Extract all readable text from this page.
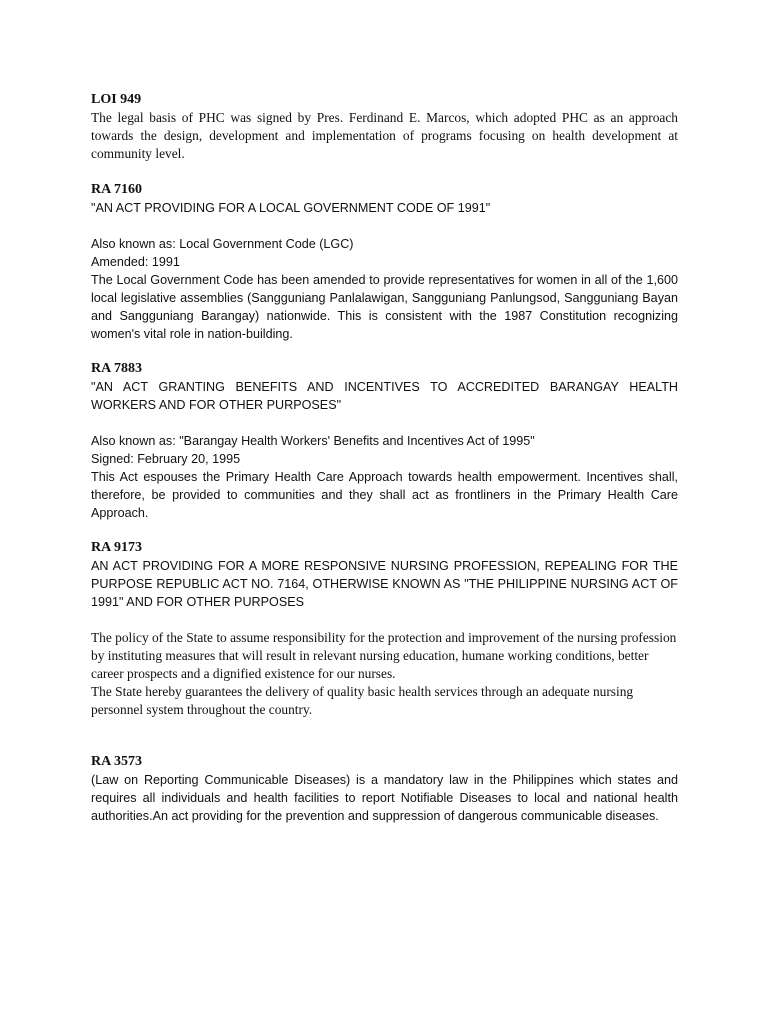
LOI 949

The legal basis of PHC was signed by Pres. Ferdinand E. Marcos, which adopted PHC as an approach towards the design, development and implementation of programs focusing on health development at community level.

RA 7160

"AN ACT PROVIDING FOR A LOCAL GOVERNMENT CODE OF 1991"

Also known as: Local Government Code (LGC)

Amended: 1991

The Local Government Code has been amended to provide representatives for women in all of the 1,600 local legislative assemblies (Sangguniang Panlalawigan, Sangguniang Panlungsod, Sangguniang Bayan and Sangguniang Barangay) nationwide. This is consistent with the 1987 Constitution recognizing women's vital role in nation-building.

RA 7883

"AN ACT GRANTING BENEFITS AND INCENTIVES TO ACCREDITED BARANGAY HEALTH WORKERS AND FOR OTHER PURPOSES"

Also known as: "Barangay Health Workers' Benefits and Incentives Act of 1995"

Signed: February 20, 1995

This Act espouses the Primary Health Care Approach towards health empowerment. Incentives shall, therefore, be provided to communities and they shall act as frontliners in the Primary Health Care Approach.

RA 9173

AN ACT PROVIDING FOR A MORE RESPONSIVE NURSING PROFESSION, REPEALING FOR THE PURPOSE REPUBLIC ACT NO. 7164, OTHERWISE KNOWN AS "THE PHILIPPINE NURSING ACT OF 1991" AND FOR OTHER PURPOSES

The policy of the State to assume responsibility for the protection and improvement of the nursing profession by instituting measures that will result in relevant nursing education, humane working conditions, better career prospects and a dignified existence for our nurses.

The State hereby guarantees the delivery of quality basic health services through an adequate nursing personnel system throughout the country.

RA 3573

(Law on Reporting Communicable Diseases) is a mandatory law in the Philippines which states and requires all individuals and health facilities to report Notifiable Diseases to local and national health authorities.An act providing for the prevention and suppression of dangerous communicable diseases.
